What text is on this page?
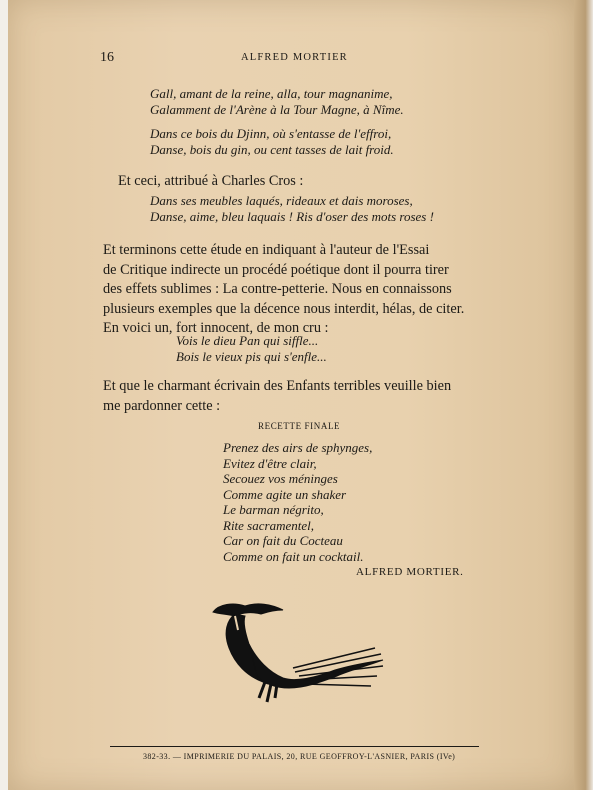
16	ALFRED MORTIER
Gall, amant de la reine, alla, tour magnanime,
Galamment de l'Arène à la Tour Magne, à Nîme.
Dans ce bois du Djinn, où s'entasse de l'effroi,
Danse, bois du gin, ou cent tasses de lait froid.
Et ceci, attribué à Charles Cros :
Dans ses meubles laqués, rideaux et dais moroses,
Danse, aime, bleu laquais ! Ris d'oser des mots roses !
Et terminons cette étude en indiquant à l'auteur de l'Essai
de Critique indirecte un procédé poétique dont il pourra tirer
des effets sublimes : La contre-petterie. Nous en connaissons
plusieurs exemples que la décence nous interdit, hélas, de citer.
En voici un, fort innocent, de mon cru :
Vois le dieu Pan qui siffle...
Bois le vieux pis qui s'enfle...
Et que le charmant écrivain des Enfants terribles veuille bien
me pardonner cette :
RECETTE FINALE
Prenez des airs de sphynges,
Evitez d'être clair,
Secouez vos méninges
Comme agite un shaker
Le barman négrito,
Rite sacramentel,
Car on fait du Cocteau
Comme on fait un cocktail.
ALFRED MORTIER.
382-33. — IMPRIMERIE DU PALAIS, 20, RUE GEOFFROY-L'ASNIER, PARIS (IVe)
